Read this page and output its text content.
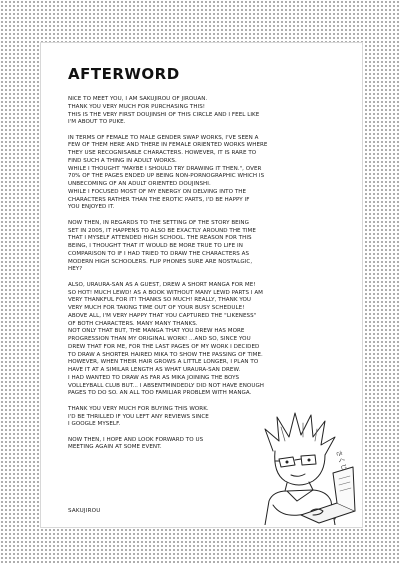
AFTERWORD

NICE TO MEET YOU, I AM SAKUJIROU OF JIROUAN.
THANK YOU VERY MUCH FOR PURCHASING THIS!
THIS IS THE VERY FIRST DOUJINSHI OF THIS CIRCLE AND I FEEL LIKE
I'M ABOUT TO PUKE.

IN TERMS OF FEMALE TO MALE GENDER SWAP WORKS, I'VE SEEN A
FEW OF THEM HERE AND THERE IN FEMALE ORIENTED WORKS WHERE
THEY USE RECOGNISABLE CHARACTERS. HOWEVER, IT IS RARE TO
FIND SUCH A THING IN ADULT WORKS.
WHILE I THOUGHT "MAYBE I SHOULD TRY DRAWING IT THEN.", OVER
70% OF THE PAGES ENDED UP BEING NON-PORNOGRAPHIC WHICH IS
UNBECOMING OF AN ADULT ORIENTED DOUJINSHI.
WHILE I FOCUSED MOST OF MY ENERGY ON DELVING INTO THE
CHARACTERS RATHER THAN THE EROTIC PARTS, I'D BE HAPPY IF
YOU ENJOYED IT.

NOW THEN, IN REGARDS TO THE SETTING OF THE STORY BEING
SET IN 2005, IT HAPPENS TO ALSO BE EXACTLY AROUND THE TIME
THAT I MYSELF ATTENDED HIGH SCHOOL. THE REASON FOR THIS
BEING, I THOUGHT THAT IT WOULD BE MORE TRUE TO LIFE IN
COMPARISON TO IF I HAD TRIED TO DRAW THE CHARACTERS AS
MODERN HIGH SCHOOLERS. FLIP PHONES SURE ARE NOSTALGIC,
HEY?

ALSO, URAURA-SAN AS A GUEST, DREW A SHORT MANGA FOR ME!
SO HOT! MUCH LEWD! AS A BOOK WITHOUT MANY LEWD PARTS I AM
VERY THANKFUL FOR IT! THANKS SO MUCH! REALLY, THANK YOU
VERY MUCH FOR TAKING TIME OUT OF YOUR BUSY SCHEDULE!
ABOVE ALL, I'M VERY HAPPY THAT YOU CAPTURED THE "LIKENESS"
OF BOTH CHARACTERS. MANY MANY THANKS.
NOT ONLY THAT BUT, THE MANGA THAT YOU DREW HAS MORE
PROGRESSION THAN MY ORIGINAL WORK! ...AND SO, SINCE YOU
DREW THAT FOR ME, FOR THE LAST PAGES OF MY WORK I DECIDED
TO DRAW A SHORTER HAIRED MIKA TO SHOW THE PASSING OF TIME.
HOWEVER, WHEN THEIR HAIR GROWS A LITTLE LONGER, I PLAN TO
HAVE IT AT A SIMILAR LENGTH AS WHAT URAURA-SAN DREW.
I HAD WANTED TO DRAW AS FAR AS MIKA JOINING THE BOYS
VOLLEYBALL CLUB BUT... I ABSENTMINDEDLY DID NOT HAVE ENOUGH
PAGES TO DO SO. AN ALL TOO FAMILIAR PROBLEM WITH MANGA.

THANK YOU VERY MUCH FOR BUYING THIS WORK.
I'D BE THRILLED IF YOU LEFT ANY REVIEWS SINCE
I GOOGLE MYSELF.

NOW THEN, I HOPE AND LOOK FORWARD TO US
MEETING AGAIN AT SOME EVENT.

SAKUJIROU
さくじ
